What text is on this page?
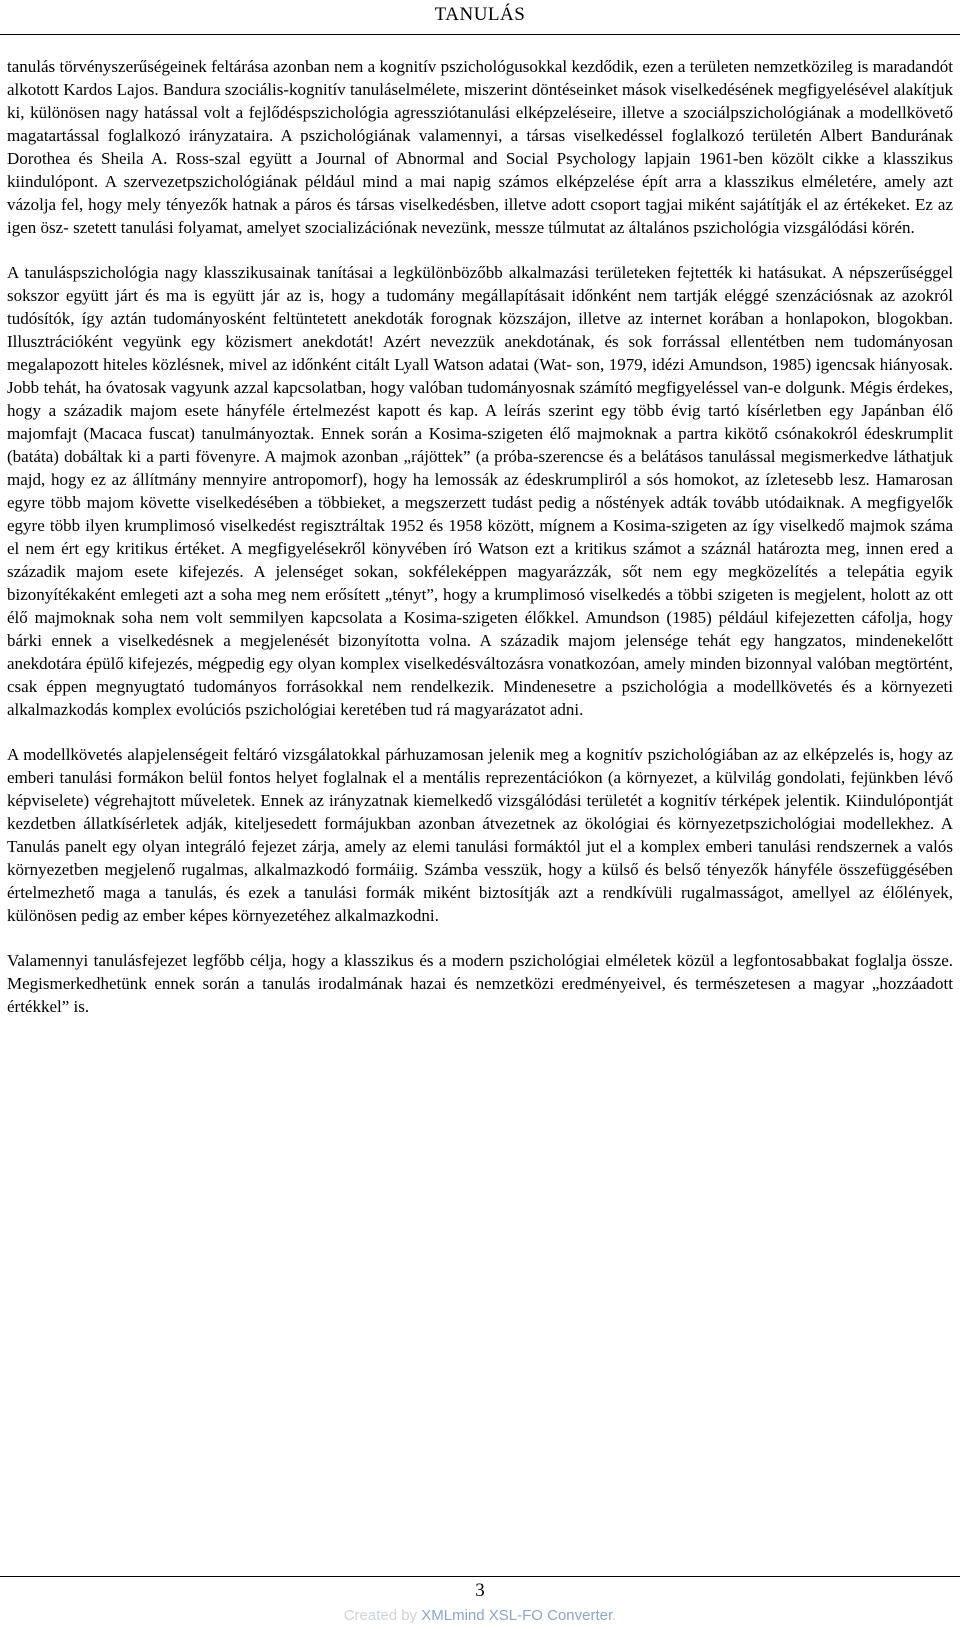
TANULÁS

tanulás törvényszerűségeinek feltárása azonban nem a kognitív pszichológusokkal kezdődik, ezen a területen nemzetközileg is maradandót alkotott Kardos Lajos. Bandura szociális-kognitív tanuláselmélete, miszerint döntéseinket mások viselkedésének megfigyelésével alakítjuk ki, különösen nagy hatással volt a fejlődéspszichológia agressziótanulási elképzeléseire, illetve a szociálpszichológiának a modellkövető magatartással foglalkozó irányzataira. A pszichológiának valamennyi, a társas viselkedéssel foglalkozó területén Albert Bandurának Dorothea és Sheila A. Ross-szal együtt a Journal of Abnormal and Social Psychology lapjain 1961-ben közölt cikke a klasszikus kiindulópont. A szervezetpszichológiának például mind a mai napig számos elképzelése épít arra a klasszikus elméletére, amely azt vázolja fel, hogy mely tényezők hatnak a páros és társas viselkedésben, illetve adott csoport tagjai miként sajátítják el az értékeket. Ez az igen ösz- szetett tanulási folyamat, amelyet szocializációnak nevezünk, messze túlmutat az általános pszichológia vizsgálódási körén.

A tanuláspszichológia nagy klasszikusainak tanításai a legkülönbözőbb alkalmazási területeken fejtették ki hatásukat. A népszerűséggel sokszor együtt járt és ma is együtt jár az is, hogy a tudomány megállapításait időnként nem tartják eléggé szenzációsnak az azokról tudósítók, így aztán tudományosként feltüntetett anekdoták forognak közszájon, illetve az internet korában a honlapokon, blogokban. Illusztrációként vegyünk egy közismert anekdotát! Azért nevezzük anekdotának, és sok forrással ellentétben nem tudományosan megalapozott hiteles közlésnek, mivel az időnként citált Lyall Watson adatai (Wat- son, 1979, idézi Amundson, 1985) igencsak hiányosak. Jobb tehát, ha óvatosak vagyunk azzal kapcsolatban, hogy valóban tudományosnak számító megfigyeléssel van-e dolgunk. Mégis érdekes, hogy a századik majom esete hányféle értelmezést kapott és kap. A leírás szerint egy több évig tartó kísérletben egy Japánban élő majomfajt (Macaca fuscat) tanulmányoztak. Ennek során a Kosima-szigeten élő majmoknak a partra kikötő csónakokról édeskrumplit (batáta) dobáltak ki a parti fövenyre. A majmok azonban „rájöttek” (a próba-szerencse és a belátásos tanulással megismerkedve láthatjuk majd, hogy ez az állítmány mennyire antropomorf), hogy ha lemossák az édeskrumpliról a sós homokot, az ízletesebb lesz. Hamarosan egyre több majom követte viselkedésében a többieket, a megszerzett tudást pedig a nőstények adták tovább utódaiknak. A megfigyelők egyre több ilyen krumplimosó viselkedést regisztráltak 1952 és 1958 között, mígnem a Kosima-szigeten az így viselkedő majmok száma el nem ért egy kritikus értéket. A megfigyelésekről könyvében író Watson ezt a kritikus számot a száznál határozta meg, innen ered a századik majom esete kifejezés. A jelenséget sokan, sokféleképpen magyarázzák, sőt nem egy megközelítés a telepátia egyik bizonyítékaként emlegeti azt a soha meg nem erősített „tényt”, hogy a krumplimosó viselkedés a többi szigeten is megjelent, holott az ott élő majmoknak soha nem volt semmilyen kapcsolata a Kosima-szigeten élőkkel. Amundson (1985) például kifejezetten cáfolja, hogy bárki ennek a viselkedésnek a megjelenését bizonyította volna. A századik majom jelensége tehát egy hangzatos, mindenekelőtt anekdotára épülő kifejezés, mégpedig egy olyan komplex viselkedésváltozásra vonatkozóan, amely minden bizonnyal valóban megtörtént, csak éppen megnyugtató tudományos forrásokkal nem rendelkezik. Mindenesetre a pszichológia a modellkövetés és a környezeti alkalmazkodás komplex evolúciós pszichológiai keretében tud rá magyarázatot adni.

A modellkövetés alapjelenségeit feltáró vizsgálatokkal párhuzamosan jelenik meg a kognitív pszichológiában az az elképzelés is, hogy az emberi tanulási formákon belül fontos helyet foglalnak el a mentális reprezentációkon (a környezet, a külvilág gondolati, fejünkben lévő képviselete) végrehajtott műveletek. Ennek az irányzatnak kiemelkedő vizsgálódási területét a kognitív térképek jelentik. Kiindulópontját kezdetben állatkísérletek adják, kiteljesedett formájukban azonban átvezetnek az ökológiai és környezetpszichológiai modellekhez. A Tanulás panelt egy olyan integráló fejezet zárja, amely az elemi tanulási formáktól jut el a komplex emberi tanulási rendszernek a valós környezetben megjelenő rugalmas, alkalmazkodó formáiig. Számba vesszük, hogy a külső és belső tényezők hányféle összefüggésében értelmezhető maga a tanulás, és ezek a tanulási formák miként biztosítják azt a rendkívüli rugalmasságot, amellyel az élőlények, különösen pedig az ember képes környezetéhez alkalmazkodni.

Valamennyi tanulásfejezet legfőbb célja, hogy a klasszikus és a modern pszichológiai elméletek közül a legfontosabbakat foglalja össze. Megismerkedhetünk ennek során a tanulás irodalmának hazai és nemzetközi eredményeivel, és természetesen a magyar „hozzáadott értékkel” is.

3
Created by XMLmind XSL-FO Converter.
